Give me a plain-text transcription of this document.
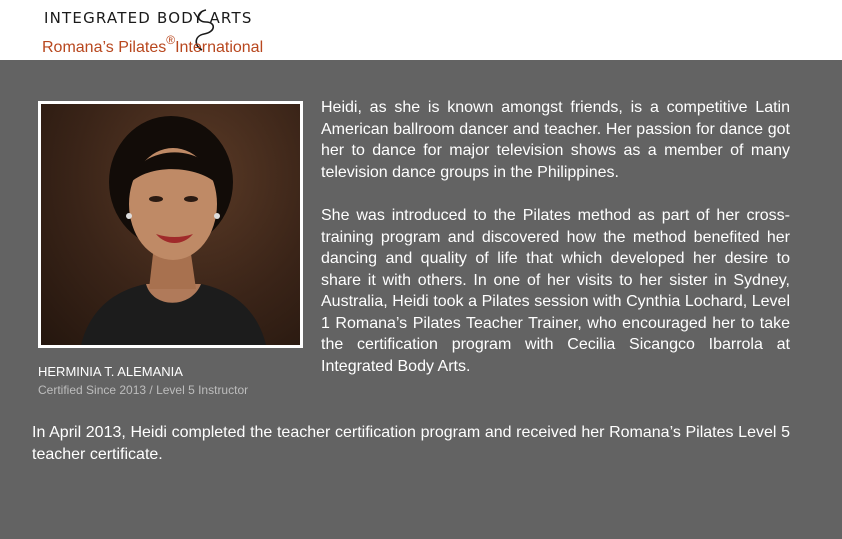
INTEGRATED BODY ARTS
Romana’s Pilates®International
HERMINIA T. ALEMANIA
Certified Since 2013 / Level 5 Instructor

Heidi, as she is known amongst friends, is a competitive Latin American ballroom dancer and teacher. Her passion for dance got her to dance for major television shows as a member of many television dance groups in the Philippines.

She was introduced to the Pilates method as part of her cross-training program and discovered how the method benefited her dancing and quality of life that which developed her desire to share it with others. In one of her visits to her sister in Sydney, Australia, Heidi took a Pilates session with Cynthia Lochard, Level 1 Romana’s Pilates Teacher Trainer, who encouraged her to take the certification program with Cecilia Sicangco Ibarrola at Integrated Body Arts.

In April 2013, Heidi completed the teacher certification program and received her Romana’s Pilates Level 5 teacher certificate.
